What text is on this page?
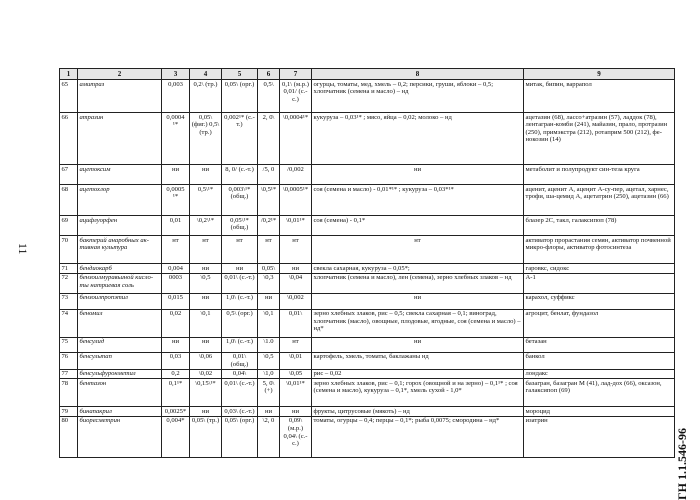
11
ГН 1.1.546-96
1	2	3	4	5	6	7	8	9
65	амитраз	0,003	0,2\ (тр.)	0,05\ (орг.)	0,5\	0,1\ (м.р.) 0,01/ (с.-с.)	огурцы, томаты, мед, хмель – 0,2; персики, груши, яблоки – 0,5; хлопчатник (семена и масло) – нд	митак, бипин, варрапол
66	атразин	0,0004 ¹*	0,05\ (фиг.) 0,5\ (тр.)	0,002¹* (с.-т.)	2, 0\	\0,0004¹*	кукуруза – 0,03¹* ; мясо, яйца – 0,02; молоко – нд	ацетазин (68), лассо+атразин (57), ладдок (78), лентагран-комби (241), майазин, прало, протразин (250), примэкстра (212), ротаприм 500 (212), фе-нокозин (14)
67	ацетоксим	ни	ни	8, 0/ (с.-т.)	/5, 0	/0,002	ни	метаболит и полупродукт син-теза круга
68	ацетохлор	0,0005 ¹*	0,5\¹*	0,003\¹* (общ.)	\0,5¹*	\0,0005¹*	соя (семена и масло) - 0,01*¹* ; кукуруза – 0,03*¹*	аценит, аценит А, ацеңит А-су-пер, ацетал, харнес, трофи, ша-цемид А, ацетатрин (250), ацетазин (66)
69	ацифлуорфен	0,01	\0,2\¹*	0,05\¹* (общ.)	/0,2¹*	\0,01¹*	соя (семена) - 0,1*	блазер 2С, такл, галаксипоп (78)
70	бактерий анаробных ак-тивная культура	нт	нт	нт	нт	нт	нт	активатор прорастания семян, активатор почвенной микро-флоры, активатор фотосинтеза
71	бендиокарб	0,004	ни	ни	0,05\	ни	свекла сахарная, кукуруза – 0,05*;	гаровкс, сидокс
72	бензоилмуравьиной кисло-ты натриевая соль	0003	\0,5	0,01\ (с.-т.)	\0,3	\0,04	хлопчатник (семена и масло), лен (семена), зерно хлебных злаков – нд	А-1
73	бензоилпропэтил	0,015	ни	1,0\ (с.-т.)	ни	\0,002	ни	карахол, суффикс
74	беномил	0,02	\0,1	0,5\ (орг.)	\0,1	0,01\	зерно хлебных злаков, рис – 0,5; свекла сахарная – 0,1; виноград, хлопчатник (масло), овощные, плодовые, ягодные, соя (семена и масло) – нд*	агроцит, бенлат, фундазол
75	бенсулид	ни	ни	1,0\ (с.-т.)	\1.0	нт	ни	бетазан
76	бенсультап	0,03	\0,06	0,01\ (общ.)	\0,5	\0,01	картофель, хмель, томаты, баклажаны нд	банкол
77	бенсульфуронметил	0,2	\0,02	0,04\	\1,0	\0,05	рис – 0,02	лондакс
78	бентазон	0,1¹*	\0,15\¹*	0,01\ (с.-т.)	5, 0\ (+)	\0,01¹*	зерно хлебных злаков, рис – 0,1; горох (овощной и на зерно) – 0,1¹* ; соя (семена и масло), кукуруза – 0,1*, хмель сухой - 1,0*	базагран, базагран М (41), лад-дох (66), оксазон, галаксипоп (69)
79	бинапакрил	0,0025*	ни	0,03\ (с.-т.)	ни	ни	фрукты, цитрусовые (мякоть) – нд	мороцид
80	биоресметрин	0,004*	0,05\ (тр.)	0,05\ (орг.)	\2, 0	0,09\ (м.р.) 0,04\ (с.- с.)	томаты, огурцы – 0,4; перцы – 0,1*; рыба 0,0075; смородина – нд*	изатрин
